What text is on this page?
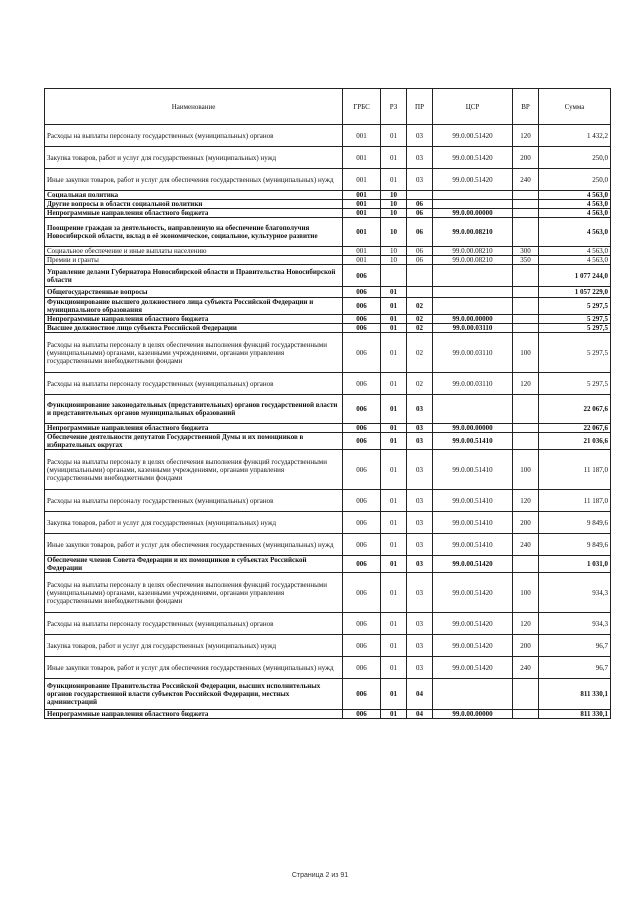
Наименование	ГРБС	РЗ	ПР	ЦСР	ВР	Сумма
Расходы на выплаты персоналу государственных (муниципальных) органов	001	01	03	99.0.00.51420	120	1 432,2
Закупка товаров, работ и услуг для государственных (муниципальных) нужд	001	01	03	99.0.00.51420	200	250,0
Иные закупки товаров, работ и услуг для обеспечения государственных (муниципальных) нужд	001	01	03	99.0.00.51420	240	250,0
Социальная политика	001	10				4 563,0
Другие вопросы в области социальной политики	001	10	06			4 563,0
Непрограммные направления областного бюджета	001	10	06	99.0.00.00000		4 563,0
Поощрение граждан за деятельность, направленную на обеспечение благополучия Новосибирской области, вклад в её экономическое, социальное, культурное развитие	001	10	06	99.0.00.08210		4 563,0
Социальное обеспечение и иные выплаты населению	001	10	06	99.0.00.08210	300	4 563,0
Премии и гранты	001	10	06	99.0.00.08210	350	4 563,0
Управление делами Губернатора Новосибирской области и Правительства Новосибирской области	006					1 077 244,0
Общегосударственные вопросы	006	01				1 057 229,0
Функционирование высшего должностного лица субъекта Российской Федерации и муниципального образования	006	01	02			5 297,5
Непрограммные направления областного бюджета	006	01	02	99.0.00.00000		5 297,5
Высшее должностное лицо субъекта Российской Федерации	006	01	02	99.0.00.03110		5 297,5
Расходы на выплаты персоналу в целях обеспечения выполнения функций государственными (муниципальными) органами, казенными учреждениями, органами управления государственными внебюджетными фондами	006	01	02	99.0.00.03110	100	5 297,5
Расходы на выплаты персоналу государственных (муниципальных) органов	006	01	02	99.0.00.03110	120	5 297,5
Функционирование законодательных (представительных) органов государственной власти и представительных органов муниципальных образований	006	01	03			22 067,6
Непрограммные направления областного бюджета	006	01	03	99.0.00.00000		22 067,6
Обеспечение деятельности депутатов Государственной Думы и их помощников в избирательных округах	006	01	03	99.0.00.51410		21 036,6
Расходы на выплаты персоналу в целях обеспечения выполнения функций государственными (муниципальными) органами, казенными учреждениями, органами управления государственными внебюджетными фондами	006	01	03	99.0.00.51410	100	11 187,0
Расходы на выплаты персоналу государственных (муниципальных) органов	006	01	03	99.0.00.51410	120	11 187,0
Закупка товаров, работ и услуг для государственных (муниципальных) нужд	006	01	03	99.0.00.51410	200	9 849,6
Иные закупки товаров, работ и услуг для обеспечения государственных (муниципальных) нужд	006	01	03	99.0.00.51410	240	9 849,6
Обеспечение членов Совета Федерации и их помощников в субъектах Российской Федерации	006	01	03	99.0.00.51420		1 031,0
Расходы на выплаты персоналу в целях обеспечения выполнения функций государственными (муниципальными) органами, казенными учреждениями, органами управления государственными внебюджетными фондами	006	01	03	99.0.00.51420	100	934,3
Расходы на выплаты персоналу государственных (муниципальных) органов	006	01	03	99.0.00.51420	120	934,3
Закупка товаров, работ и услуг для государственных (муниципальных) нужд	006	01	03	99.0.00.51420	200	96,7
Иные закупки товаров, работ и услуг для обеспечения государственных (муниципальных) нужд	006	01	03	99.0.00.51420	240	96,7
Функционирование Правительства Российской Федерации, высших исполнительных органов государственной власти субъектов Российской Федерации, местных администраций	006	01	04			811 330,1
Непрограммные направления областного бюджета	006	01	04	99.0.00.00000		811 330,1
Страница 2 из 91
